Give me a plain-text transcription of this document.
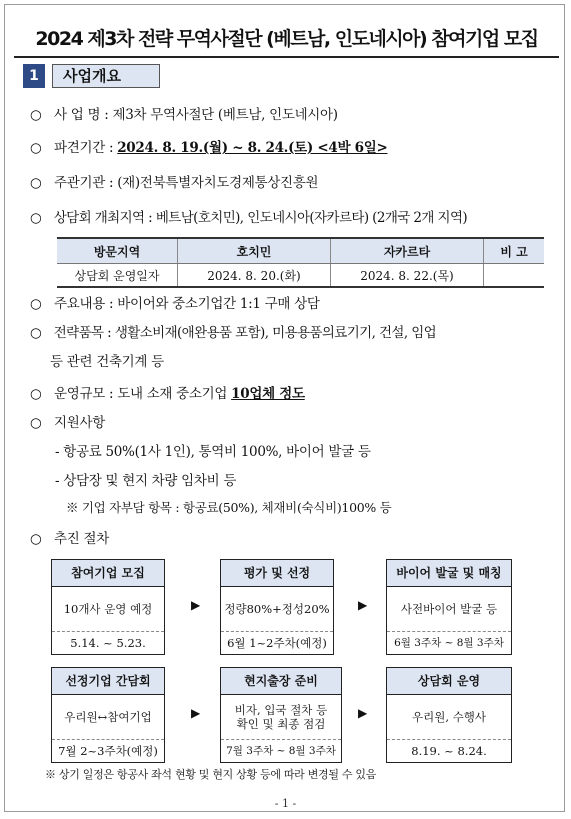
2024 제3차 전략 무역사절단 (베트남, 인도네시아) 참여기업 모집
1	사업개요
○ 사 업 명 : 제3차 무역사절단 (베트남, 인도네시아)
○ 파견기간 : 2024. 8. 19.(월) ~ 8. 24.(토) <4박 6일>
○ 주관기관 : (재)전북특별자치도경제통상진흥원
○ 상담회 개최지역 : 베트남(호치민), 인도네시아(자카르타) (2개국 2개 지역)
방문지역	호치민	자카르타	비 고
상담회 운영일자	2024. 8. 20.(화)	2024. 8. 22.(목)	
○ 주요내용 : 바이어와 중소기업간 1:1 구매 상담
○ 전략품목 : 생활소비재(애완용품 포함), 미용용품의료기기, 건설, 임업
등 관련 건축기계 등
○ 운영규모 : 도내 소재 중소기업 10업체 정도
○ 지원사항
- 항공료 50%(1사 1인), 통역비 100%, 바이어 발굴 등
- 상담장 및 현지 차량 임차비 등
※ 기업 자부담 항목 : 항공료(50%), 체재비(숙식비)100% 등
○ 추진 절차
참여기업 모집
10개사 운영 예정
5.14. ~ 5.23.
▶
평가 및 선정
정량80%+정성20%
6월 1~2주차(예정)
▶
바이어 발굴 및 매칭
사전바이어 발굴 등
6월 3주차 ~ 8월 3주차
선정기업 간담회
우리원↔참여기업
7월 2~3주차(예정)
▶
현지출장 준비
비자, 입국 절차 등 확인 및 최종 점검
7월 3주차 ~ 8월 3주차
▶
상담회 운영
우리원, 수행사
8.19. ~ 8.24.
※ 상기 일정은 항공사 좌석 현황 및 현지 상황 등에 따라 변경될 수 있음
- 1 -
